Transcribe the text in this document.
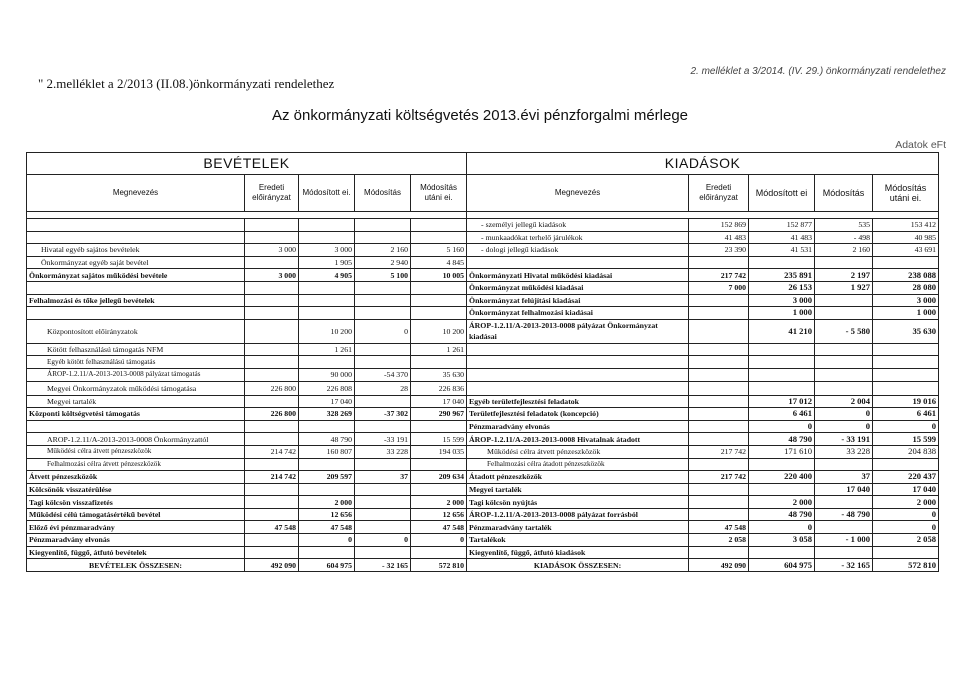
" 2.melléklet a 2/2013 (II.08.)önkormányzati rendelethez
2. melléklet a 3/2014. (IV. 29.) önkormányzati rendelethez
Az önkormányzati költségvetés 2013.évi pénzforgalmi mérlege
Adatok eFt
BEVÉTELEK					KIADÁSOK				
Megnevezés	Eredeti előirányzat	Módosított ei.	Módosítás	Módosítás utáni ei.	Megnevezés	Eredeti előirányzat	Módosított ei	Módosítás	Módosítás utáni ei.

					- személyi jellegű kiadások	152 869	152 877	535	153 412
					- munkaadókat terhelő járulékok	41 483	41 483	- 498	40 985
Hivatal egyéb sajátos bevételek	3 000	3 000	2 160	5 160	- dologi jellegű kiadások	23 390	41 531	2 160	43 691
Önkormányzat egyéb saját bevétel		1 905	2 940	4 845					
Önkormányzat sajátos működési bevétele	3 000	4 905	5 100	10 005	Önkormányzati Hivatal működési kiadásai	217 742	235 891	2 197	238 088
					Önkormányzat működési kiadásai	7 000	26 153	1 927	28 080
Felhalmozási és tőke jellegű bevételek					Önkormányzat felújítási kiadásai		3 000		3 000
					Önkormányzat felhalmozási kiadásai		1 000		1 000
Központosított előirányzatok		10 200	0	10 200	ÁROP-1.2.11/A-2013-2013-0008 pályázat Önkormányzat kiadásai		41 210	- 5 580	35 630
Kötött felhasználású támogatás NFM		1 261		1 261					
Egyéb kötött felhasználású támogatás									
ÁROP-1.2.11/A-2013-2013-0008 pályázat támogatás		90 000	-54 370	35 630					
Megyei Önkormányzatok működési támogatása	226 800	226 808	28	226 836					
Megyei tartalék		17 040		17 040	Egyéb területfejlesztési feladatok		17 012	2 004	19 016
Központi költségvetési támogatás	226 800	328 269	-37 302	290 967	Területfejlesztési feladatok (koncepció)		6 461	0	6 461
					Pénzmaradvány elvonás		0	0	0
AROP-1.2.11/A-2013-2013-0008 Önkormányzattól		48 790	-33 191	15 599	ÁROP-1.2.11/A-2013-2013-0008 Hivatalnak átadott		48 790	- 33 191	15 599
Működési célra átvett pénzeszközök	214 742	160 807	33 228	194 035	Működési célra átvett pénzeszközök	217 742	171 610	33 228	204 838
Felhalmozási célra átvett pénzeszközök					Felhalmozási célra átadott pénzeszközök				
Átvett pénzeszközök	214 742	209 597	37	209 634	Átadott pénzeszközök	217 742	220 400	37	220 437
Kölcsönök visszatérülése					Megyei tartalék			17 040	17 040
Tagi kölcsön visszafizetés		2 000		2 000	Tagi kölcsön nyújtás		2 000		2 000
Működési célú támogatásértékű bevétel		12 656		12 656	ÁROP-1.2.11/A-2013-2013-0008 pályázat forrásból		48 790	- 48 790	0
Előző évi pénzmaradvány	47 548	47 548		47 548	Pénzmaradvány tartalék	47 548	0		0
Pénzmaradvány elvonás		0	0	0	Tartalékok	2 058	3 058	- 1 000	2 058
Kiegyenlítő, függő, átfutó bevételek					Kiegyenlítő, függő, átfutó kiadások				
BEVÉTELEK ÖSSZESEN:	492 090	604 975	- 32 165	572 810	KIADÁSOK ÖSSZESEN:	492 090	604 975	- 32 165	572 810
